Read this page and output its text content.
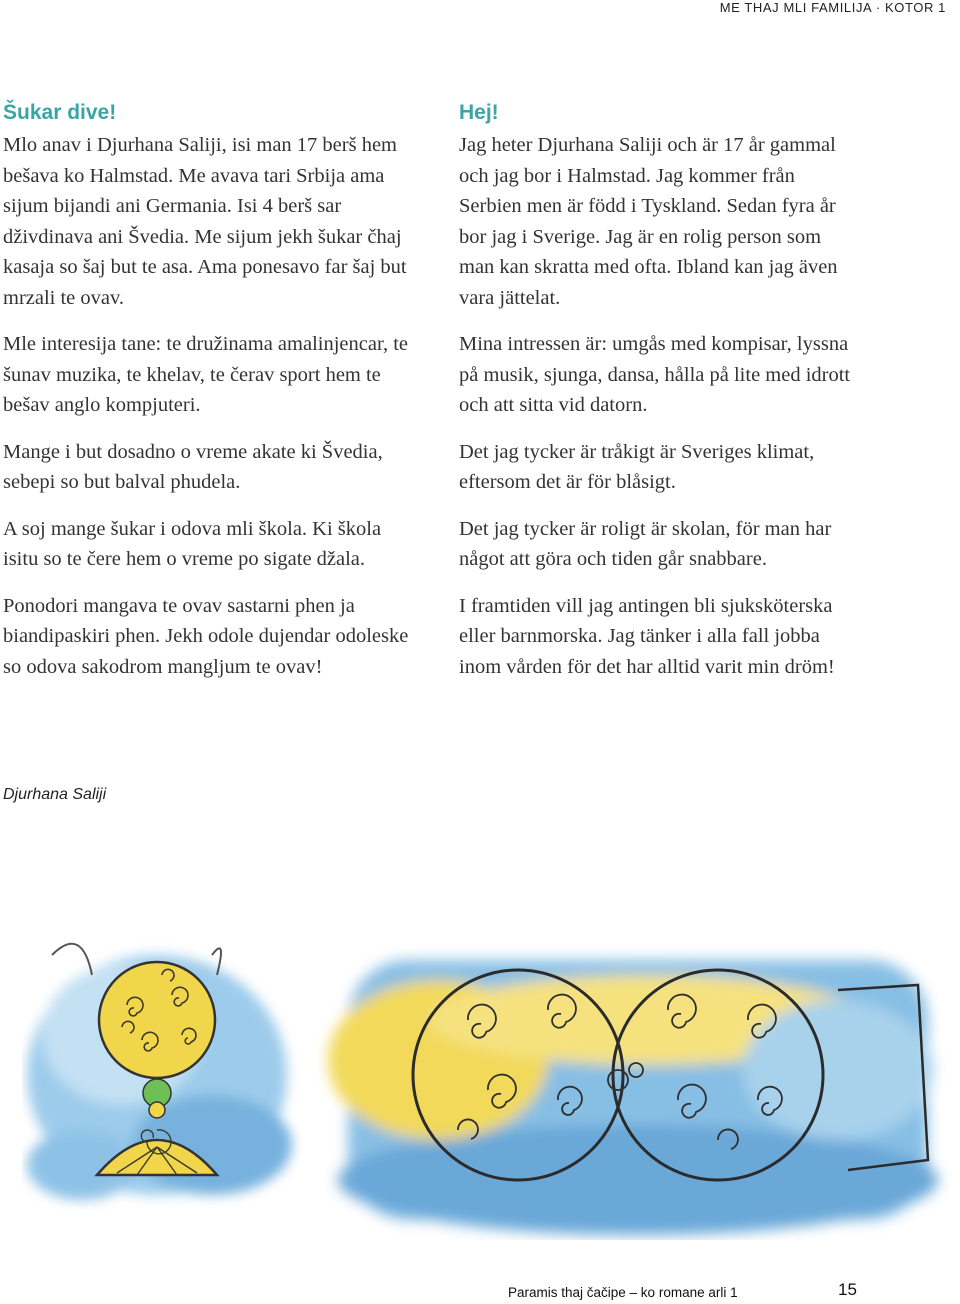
ME THAJ MLI FAMILIJA · KOTOR 1
Šukar dive!

Mlo anav i Djurhana Saliji, isi man 17 berš hem bešava ko Halmstad. Me avava tari Srbija ama sijum bijandi ani Germania. Isi 4 berš sar dživdinava ani Švedia. Me sijum jekh šukar čhaj kasaja so šaj but te asa. Ama ponesavo far šaj but mrzali te ovav.

Mle interesija tane: te družinama amalinjencar, te šunav muzika, te khelav, te čerav sport hem te bešav anglo kompjuteri.

Mange i but dosadno o vreme akate ki Švedia, sebepi so but balval phudela.

A soj mange šukar i odova mli škola. Ki škola isitu so te čere hem o vreme po sigate džala.

Ponodori mangava te ovav sastarni phen ja biandipaskiri phen. Jekh odole dujendar odoleske so odova sakodrom mangljum te ovav!

Hej!

Jag heter Djurhana Saliji och är 17 år gammal och jag bor i Halmstad. Jag kommer från Serbien men är född i Tyskland. Sedan fyra år bor jag i Sverige. Jag är en rolig person som man kan skratta med ofta. Ibland kan jag även vara jättelat.

Mina intressen är: umgås med kompisar, lyssna på musik, sjunga, dansa, hålla på lite med idrott och att sitta vid datorn.

Det jag tycker är tråkigt är Sveriges klimat, eftersom det är för blåsigt.

Det jag tycker är roligt är skolan, för man har något att göra och tiden går snabbare.

I framtiden vill jag antingen bli sjuksköterska eller barnmorska. Jag tänker i alla fall jobba inom vården för det har alltid varit min dröm!

Djurhana Saliji
Paramis thaj čačipe – ko romane arli 1	15
